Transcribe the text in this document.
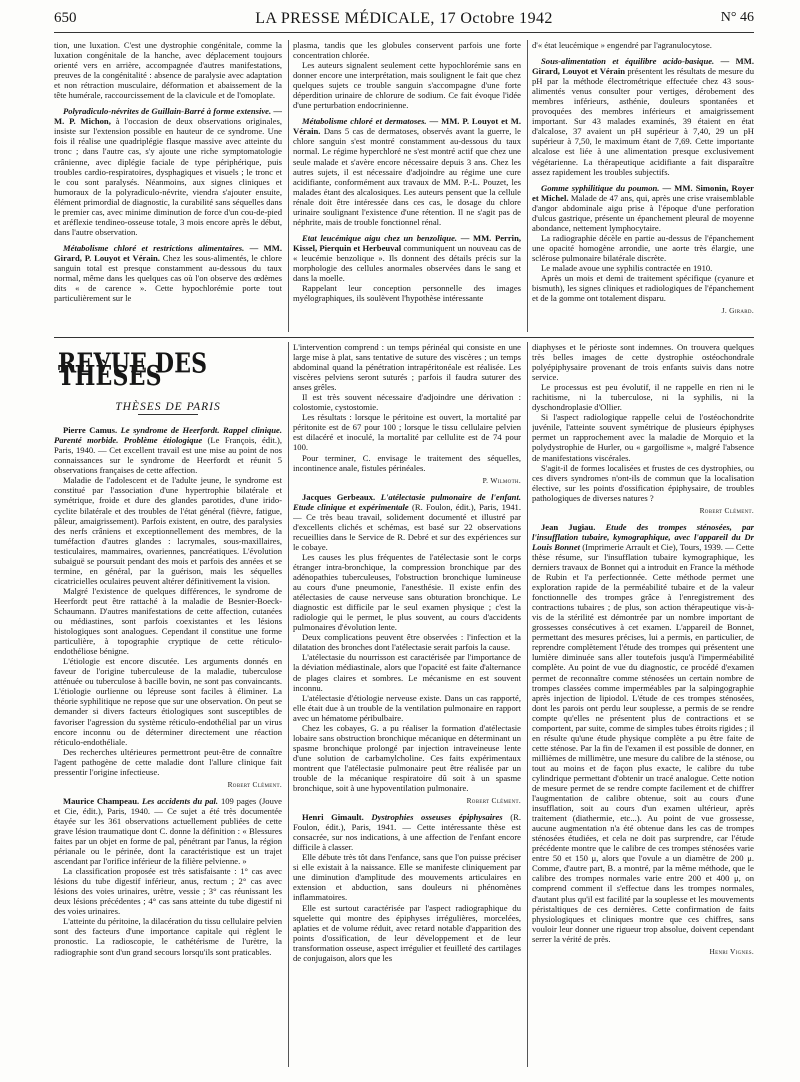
650	LA PRESSE MÉDICALE, 17 Octobre 1942	N° 46

tion, une luxation. C'est une dystrophie congénitale, comme la luxation congénitale de la hanche, avec déplacement toujours orienté vers en arrière, accompagnée d'autres manifestations, preuves de la congénitalité : absence de paralysie avec adaptation et non rétraction musculaire, déformation et abaissement de la tête humérale, raccourcissement de la clavicule et de l'omoplate.

Polyradiculo-névrites de Guillain-Barré à forme extensive. — M. P. Michon, à l'occasion de deux observations originales, insiste sur l'extension possible en hauteur de ce syndrome. Une fois il réalise une quadriplégie flasque massive avec atteinte du tronc ; dans l'autre cas, s'y ajoute une riche symptomatologie crânienne, avec diplégie faciale de type périphérique, puis troubles cardio-respiratoires, dysphagiques et visuels ; le tronc et le cou sont paralysés. Néanmoins, aux signes cliniques et humoraux de la polyradiculo-névrite, viendra s'ajouter ensuite, élément primordial de diagnostic, la curabilité sans séquelles dans le premier cas, avec minime diminution de force d'un cou-de-pied et aréflexie tendineo-osseuse totale, 3 mois encore après le début, dans l'autre observation.

Métabolisme chloré et restrictions alimentaires. — MM. Girard, P. Louyot et Vérain. Chez les sous-alimentés, le chlore sanguin total est presque constamment au-dessous du taux normal, même dans les quelques cas où l'on observe des œdèmes dits « de carence ». Cette hypochlorémie porte tout particulièrement sur le

plasma, tandis que les globules conservent parfois une forte concentration chlorée.

Les auteurs signalent seulement cette hypochlorémie sans en donner encore une interprétation, mais soulignent le fait que chez quelques sujets ce trouble sanguin s'accompagne d'une forte déperdition urinaire de chlorure de sodium. Ce fait évoque l'idée d'une perturbation endocrinienne.

Métabolisme chloré et dermatoses. — MM. P. Louyot et M. Vérain. Dans 5 cas de dermatoses, observés avant la guerre, le chlore sanguin s'est montré constamment au-dessous du taux normal. Le régime hyperchloré ne s'est montré actif que chez une seule malade et s'avère encore nécessaire depuis 3 ans. Chez les autres sujets, il est nécessaire d'adjoindre au régime une cure acidifiante, conformément aux travaux de MM. P.-L. Pouzet, les malades étant des alcalosiques. Les auteurs pensent que la cellule rénale doit être intéressée dans ces cas, le dosage du chlore urinaire soulignant l'existence d'une rétention. Il ne s'agit pas de néphrite, mais de trouble fonctionnel rénal.

Etat leucémique aigu chez un benzolique. — MM. Perrin, Kissel, Pierquin et Herbeuval communiquent un nouveau cas de « leucémie benzolique ». Ils donnent des détails précis sur la morphologie des cellules anormales observées dans le sang et dans la moelle.

Rappelant leur conception personnelle des images myélographiques, ils soulèvent l'hypothèse intéressante

d'« état leucémique » engendré par l'agranulocytose.

Sous-alimentation et équilibre acido-basique. — MM. Girard, Louyot et Vérain présentent les résultats de mesure du pH par la méthode électrométrique effectuée chez 43 sous-alimentés venus consulter pour vertiges, dérobement des membres inférieurs, asthénie, douleurs spontanées et provoquées des membres inférieurs et amaigrissement important. Sur 43 malades examinés, 39 étaient en état d'alcalose, 37 avaient un pH supérieur à 7,40, 29 un pH supérieur à 7,50, le maximum étant de 7,69. Cette importante alcalose est liée à une alimentation presque exclusivement végétarienne. La thérapeutique acidifiante a fait disparaître assez rapidement les troubles subjectifs.

Gomme syphilitique du poumon. — MM. Simonin, Royer et Michel. Malade de 47 ans, qui, après une crise vraisemblable d'angor abdominale aigu prise à l'époque d'une perforation d'ulcus gastrique, présente un épanchement pleural de moyenne abondance, nettement lymphocytaire.

La radiographie décèle en partie au-dessus de l'épanchement une opacité homogène arrondie, une aorte très élargie, une sclérose pulmonaire bilatérale discrète.

Le malade avoue une syphilis contractée en 1910.

Après un mois et demi de traitement spécifique (cyanure et bismuth), les signes cliniques et radiologiques de l'épanchement et de la gomme ont totalement disparu.

J. Girard.
REVUE DES THÈSES
THÈSES DE PARIS

Pierre Camus. Le syndrome de Heerfordt. Rappel clinique. Parenté morbide. Problème étiologique (Le François, édit.), Paris, 1940. — Cet excellent travail est une mise au point de nos connaissances sur le syndrome de Heerfordt et réunit 5 observations françaises de cette affection.

Maladie de l'adolescent et de l'adulte jeune, le syndrome est constitué par l'association d'une hypertrophie bilatérale et symétrique, froide et dure des glandes parotides, d'une irido-cyclite bilatérale et des troubles de l'état général (fièvre, fatigue, pâleur, amaigrissement). Parfois existent, en outre, des paralysies des nerfs crâniens et exceptionnellement des membres, de la tuméfaction d'autres glandes : lacrymales, sous-maxillaires, testiculaires, mammaires, ovariennes, pancréatiques. L'évolution subaiguë se poursuit pendant des mois et parfois des années et se termine, en général, par la guérison, mais les séquelles cicatricielles oculaires peuvent altérer définitivement la vision.

Malgré l'existence de quelques différences, le syndrome de Heerfordt peut être rattaché à la maladie de Besnier-Boeck-Schaumann. D'autres manifestations de cette affection, cutanées ou médiastines, sont parfois coexistantes et les lésions histologiques sont analogues. Cependant il constitue une forme particulière, à topographie cryptique de cette réticulo-endothéliose bénigne.

L'étiologie est encore discutée. Les arguments donnés en faveur de l'origine tuberculeuse de la maladie, tuberculose atténuée ou tuberculose à bacille bovin, ne sont pas convaincants. L'étiologie ourlienne ou lépreuse sont faciles à éliminer. La théorie syphilitique ne repose que sur une observation. On peut se demander si divers facteurs étiologiques sont susceptibles de favoriser l'agression du système réticulo-endothélial par un virus encore inconnu ou de déterminer directement une réaction réticulo-endothéliale.

Des recherches ultérieures permettront peut-être de connaître l'agent pathogène de cette maladie dont l'allure clinique fait pressentir l'origine infectieuse.

Robert Clément.

Maurice Champeau. Les accidents du pal. 109 pages (Jouve et Cie, édit.), Paris, 1940. — Ce sujet a été très documentée étayée sur les 361 observations actuellement publiées de cette grave lésion traumatique dont C. donne la définition : « Blessures faites par un objet en forme de pal, pénétrant par l'anus, la région périanale ou le périnée, dont la caractéristique est un trajet ascendant par l'orifice inférieur de la filière pelvienne. »

La classification proposée est très satisfaisante : 1° cas avec lésions du tube digestif inférieur, anus, rectum ; 2° cas avec lésions des voies urinaires, urètre, vessie ; 3° cas réunissant les deux lésions précédentes ; 4° cas sans atteinte du tube digestif ni des voies urinaires.

L'atteinte du péritoine, la dilacération du tissu cellulaire pelvien sont des facteurs d'une importance capitale qui règlent le pronostic. La radioscopie, le cathétérisme de l'urètre, la radiographie sont d'un grand secours lorsqu'ils sont praticables.

L'intervention comprend : un temps périnéal qui consiste en une large mise à plat, sans tentative de suture des viscères ; un temps abdominal quand la pénétration intrapéritonéale est réalisée. Les viscères pelviens seront suturés ; parfois il faudra suturer des anses grêles.

Il est très souvent nécessaire d'adjoindre une dérivation : colostomie, cystostomie.

Les résultats : lorsque le péritoine est ouvert, la mortalité par péritonite est de 67 pour 100 ; lorsque le tissu cellulaire pelvien est dilacéré et inoculé, la mortalité par cellulite est de 74 pour 100.

Pour terminer, C. envisage le traitement des séquelles, incontinence anale, fistules périnéales.

P. Wilmoth.

Jacques Gerbeaux. L'atélectasie pulmonaire de l'enfant. Etude clinique et expérimentale (R. Foulon, édit.), Paris, 1941. — Ce très beau travail, solidement documenté et illustré par d'excellents clichés et schémas, est basé sur 22 observations recueillies dans le Service de R. Debré et sur des expériences sur le cobaye.

Les causes les plus fréquentes de l'atélectasie sont le corps étranger intra-bronchique, la compression bronchique par des adénopathies tuberculeuses, l'obstruction bronchique lumineuse au cours d'une pneumonie, l'anesthésie. Il existe enfin des atélectasies de cause nerveuse sans obturation bronchique. Le diagnostic est difficile par le seul examen physique ; c'est la radiologie qui le permet, le plus souvent, au cours d'accidents pulmonaires d'évolution lente.

Deux complications peuvent être observées : l'infection et la dilatation des bronches dont l'atélectasie serait parfois la cause.

L'atélectasie du nourrisson est caractérisée par l'importance de la déviation médiastinale, alors que l'opacité est faite d'alternance de plages claires et sombres. Le mécanisme en est souvent inconnu.

L'atélectasie d'étiologie nerveuse existe. Dans un cas rapporté, elle était due à un trouble de la ventilation pulmonaire en rapport avec un hématome péribulbaire.

Chez les cobayes, G. a pu réaliser la formation d'atélectasie lobaire sans obstruction bronchique mécanique en déterminant un spasme bronchique prolongé par injection intraveineuse lente d'une solution de carbamylcholine. Ces faits expérimentaux montrent que l'atélectasie pulmonaire peut être réalisée par un trouble de la mécanique respiratoire dû soit à un spasme bronchique, soit à une hypoventilation pulmonaire.

Robert Clément.

Henri Gimault. Dystrophies osseuses épiphysaires (R. Foulon, édit.), Paris, 1941. — Cette intéressante thèse est consacrée, sur nos indications, à une affection de l'enfant encore difficile à classer.

Elle débute très tôt dans l'enfance, sans que l'on puisse préciser si elle existait à la naissance. Elle se manifeste cliniquement par une diminution d'amplitude des mouvements articulaires en extension et abduction, sans douleurs ni phénomènes inflammatoires.

Elle est surtout caractérisée par l'aspect radiographique du squelette qui montre des épiphyses irrégulières, morcelées, aplaties et de volume réduit, avec retard notable d'apparition des points d'ossification, de leur développement et de leur transformation osseuse, aspect irrégulier et feuilleté des cartilages de conjugaison, alors que les

diaphyses et le périoste sont indemnes. On trouvera quelques très belles images de cette dystrophie ostéochondrale polyépiphysaire provenant de trois enfants suivis dans notre service.

Le processus est peu évolutif, il ne rappelle en rien ni le rachitisme, ni la tuberculose, ni la syphilis, ni la dyschondroplasie d'Ollier.

Si l'aspect radiologique rappelle celui de l'ostéochondrite juvénile, l'atteinte souvent symétrique de plusieurs épiphyses permet un rapprochement avec la maladie de Morquio et la polydystrophie de Hurler, ou « gargoïlisme », malgré l'absence de manifestations viscérales.

S'agit-il de formes localisées et frustes de ces dystrophies, ou ces divers syndromes n'ont-ils de commun que la localisation élective, sur les points d'ossification épiphysaire, de troubles pathologiques de diverses natures ?

Robert Clément.

Jean Jugiau. Etude des trompes sténosées, par l'insufflation tubaire, kymographique, avec l'appareil du Dr Louis Bonnet (Imprimerie Arrault et Cie), Tours, 1939. — Cette thèse résume, sur l'insufflation tubaire kymographique, les derniers travaux de Bonnet qui a introduit en France la méthode de Rubin et l'a perfectionnée. Cette méthode permet une exploration rapide de la perméabilité tubaire et de la valeur fonctionnelle des trompes grâce à l'enregistrement des contractions tubaires ; de plus, son action thérapeutique vis-à-vis de la stérilité est démontrée par un nombre important de grossesses consécutives à cet examen. L'appareil de Bonnet, permettant des mesures précises, lui a permis, en particulier, de reprendre complètement l'étude des trompes qui présentent une lumière diminuée sans aller toutefois jusqu'à l'imperméabilité complète. Au point de vue du diagnostic, ce procédé d'examen permet de reconnaître comme sténosées un certain nombre de trompes classées comme imperméables par la salpingographie après injection de lipiodol. L'étude de ces trompes sténosées, dont les parois ont perdu leur souplesse, a permis de se rendre compte qu'elles ne présentent plus de contractions et se comportent, par suite, comme de simples tubes étroits rigides ; il en résulte qu'une étude physique complète a pu être faite de cette sténose. Par la fin de l'examen il est possible de donner, en millièmes de millimètre, une mesure du calibre de la sténose, ou tout au moins et de façon plus exacte, le calibre du tube cylindrique permettant d'obtenir un tracé analogue. Cette notion de mesure permet de se rendre compte facilement et de chiffrer l'augmentation de calibre obtenue, soit au cours d'une insufflation, soit au cours d'un examen ultérieur, après traitement (diathermie, etc...). Au point de vue grossesse, aucune augmentation n'a été obtenue dans les cas de trompes sténosées étudiées, et cela ne doit pas surprendre, car l'étude précédente montre que le calibre de ces trompes sténosées varie entre 50 et 150 μ, alors que l'ovule a un diamètre de 200 μ. Comme, d'autre part, B. a montré, par la même méthode, que le calibre des trompes normales varie entre 200 et 400 μ, on comprend comment il s'effectue dans les trompes normales, d'autant plus qu'il est facilité par la souplesse et les mouvements péristaltiques de ces dernières. Cette confirmation de faits physiologiques et cliniques montre que ces chiffres, sans vouloir leur donner une rigueur trop absolue, doivent cependant serrer la vérité de près.

Henri Vignes.
